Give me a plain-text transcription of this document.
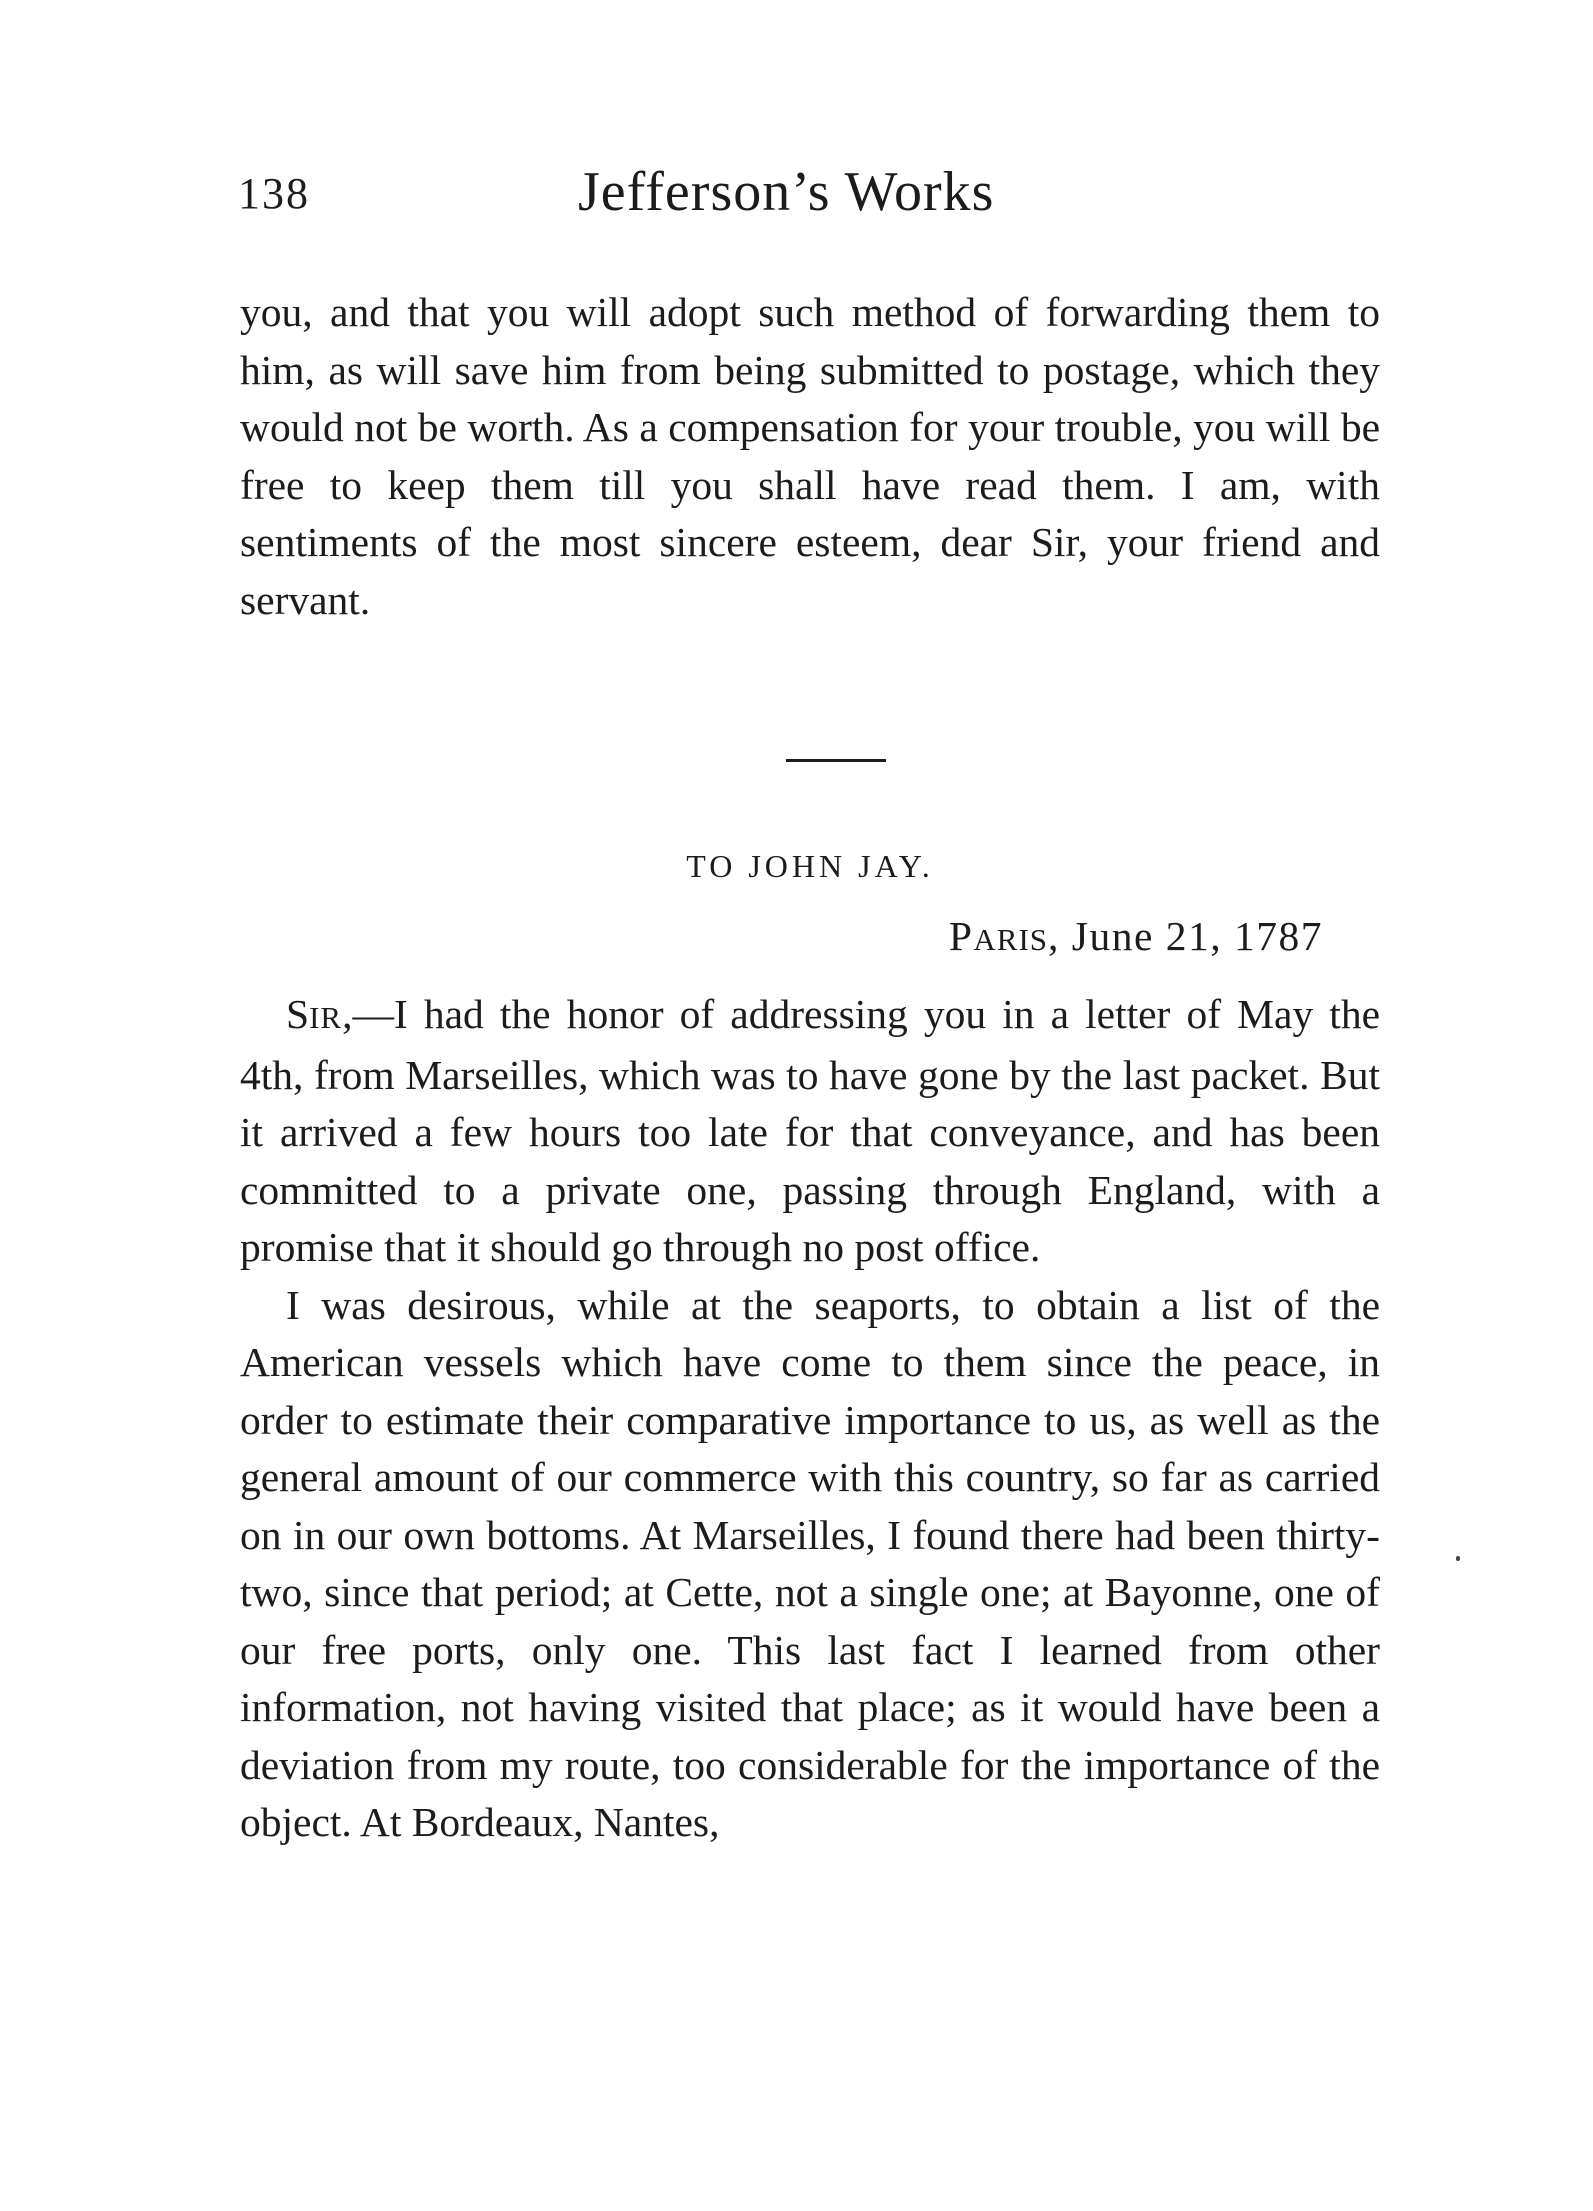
138	Jefferson’s Works

you, and that you will adopt such method of forwarding them to him, as will save him from being submitted to postage, which they would not be worth. As a compensation for your trouble, you will be free to keep them till you shall have read them. I am, with sentiments of the most sincere esteem, dear Sir, your friend and servant.

TO JOHN JAY.
PARIS, June 21, 1787

SIR,—I had the honor of addressing you in a letter of May the 4th, from Marseilles, which was to have gone by the last packet. But it arrived a few hours too late for that conveyance, and has been committed to a private one, passing through England, with a promise that it should go through no post office.

I was desirous, while at the seaports, to obtain a list of the American vessels which have come to them since the peace, in order to estimate their comparative importance to us, as well as the general amount of our commerce with this country, so far as carried on in our own bottoms. At Marseilles, I found there had been thirty-two, since that period; at Cette, not a single one; at Bayonne, one of our free ports, only one. This last fact I learned from other information, not having visited that place; as it would have been a deviation from my route, too considerable for the importance of the object. At Bordeaux, Nantes,
